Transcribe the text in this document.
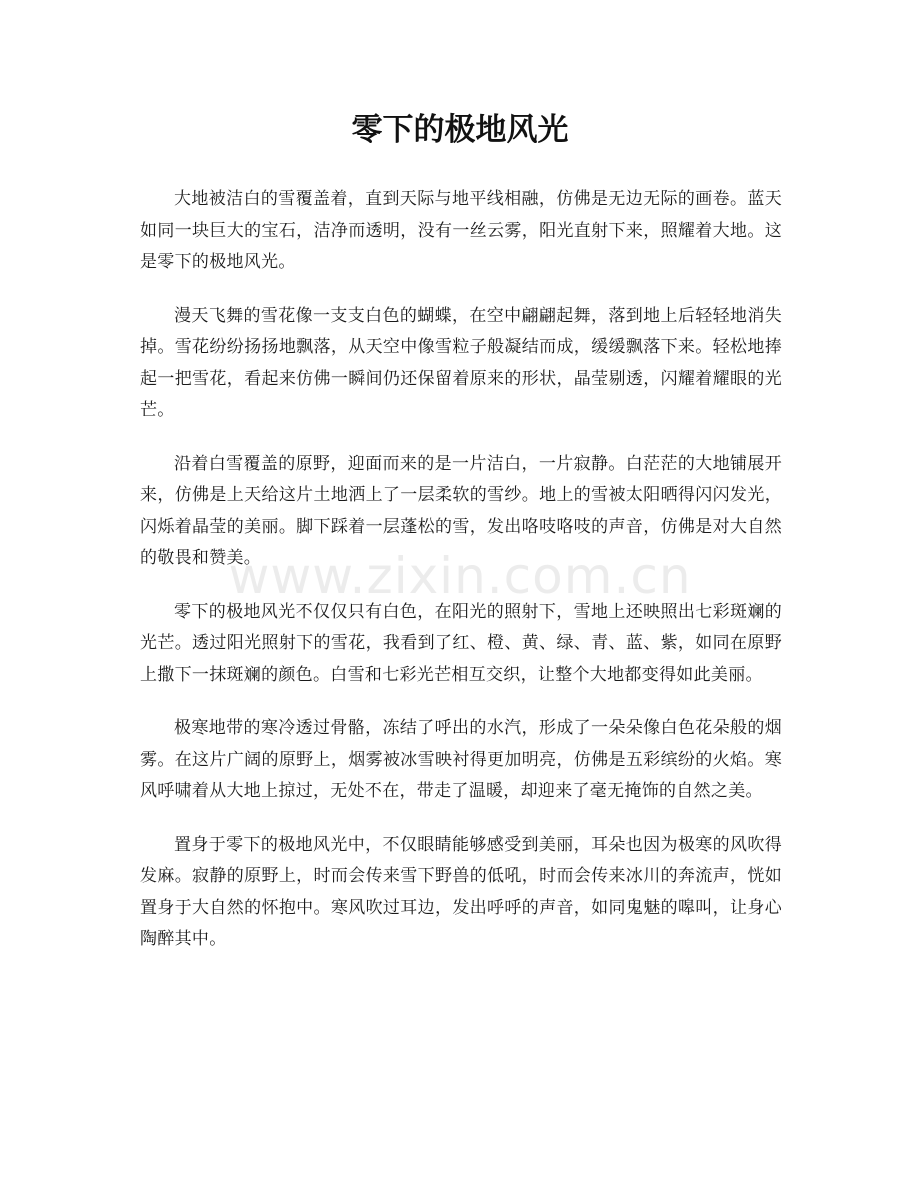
零下的极地风光

大地被洁白的雪覆盖着，直到天际与地平线相融，仿佛是无边无际的画卷。蓝天如同一块巨大的宝石，洁净而透明，没有一丝云雾，阳光直射下来，照耀着大地。这是零下的极地风光。

漫天飞舞的雪花像一支支白色的蝴蝶，在空中翩翩起舞，落到地上后轻轻地消失掉。雪花纷纷扬扬地飘落，从天空中像雪粒子般凝结而成，缓缓飘落下来。轻松地捧起一把雪花，看起来仿佛一瞬间仍还保留着原来的形状，晶莹剔透，闪耀着耀眼的光芒。

沿着白雪覆盖的原野，迎面而来的是一片洁白，一片寂静。白茫茫的大地铺展开来，仿佛是上天给这片土地洒上了一层柔软的雪纱。地上的雪被太阳晒得闪闪发光，闪烁着晶莹的美丽。脚下踩着一层蓬松的雪，发出咯吱咯吱的声音，仿佛是对大自然的敬畏和赞美。

零下的极地风光不仅仅只有白色，在阳光的照射下，雪地上还映照出七彩斑斓的光芒。透过阳光照射下的雪花，我看到了红、橙、黄、绿、青、蓝、紫，如同在原野上撒下一抹斑斓的颜色。白雪和七彩光芒相互交织，让整个大地都变得如此美丽。

极寒地带的寒冷透过骨骼，冻结了呼出的水汽，形成了一朵朵像白色花朵般的烟雾。在这片广阔的原野上，烟雾被冰雪映衬得更加明亮，仿佛是五彩缤纷的火焰。寒风呼啸着从大地上掠过，无处不在，带走了温暖，却迎来了毫无掩饰的自然之美。

置身于零下的极地风光中，不仅眼睛能够感受到美丽，耳朵也因为极寒的风吹得发麻。寂静的原野上，时而会传来雪下野兽的低吼，时而会传来冰川的奔流声，恍如置身于大自然的怀抱中。寒风吹过耳边，发出呼呼的声音，如同鬼魅的嗥叫，让身心陶醉其中。

www.zixin.com.cn
